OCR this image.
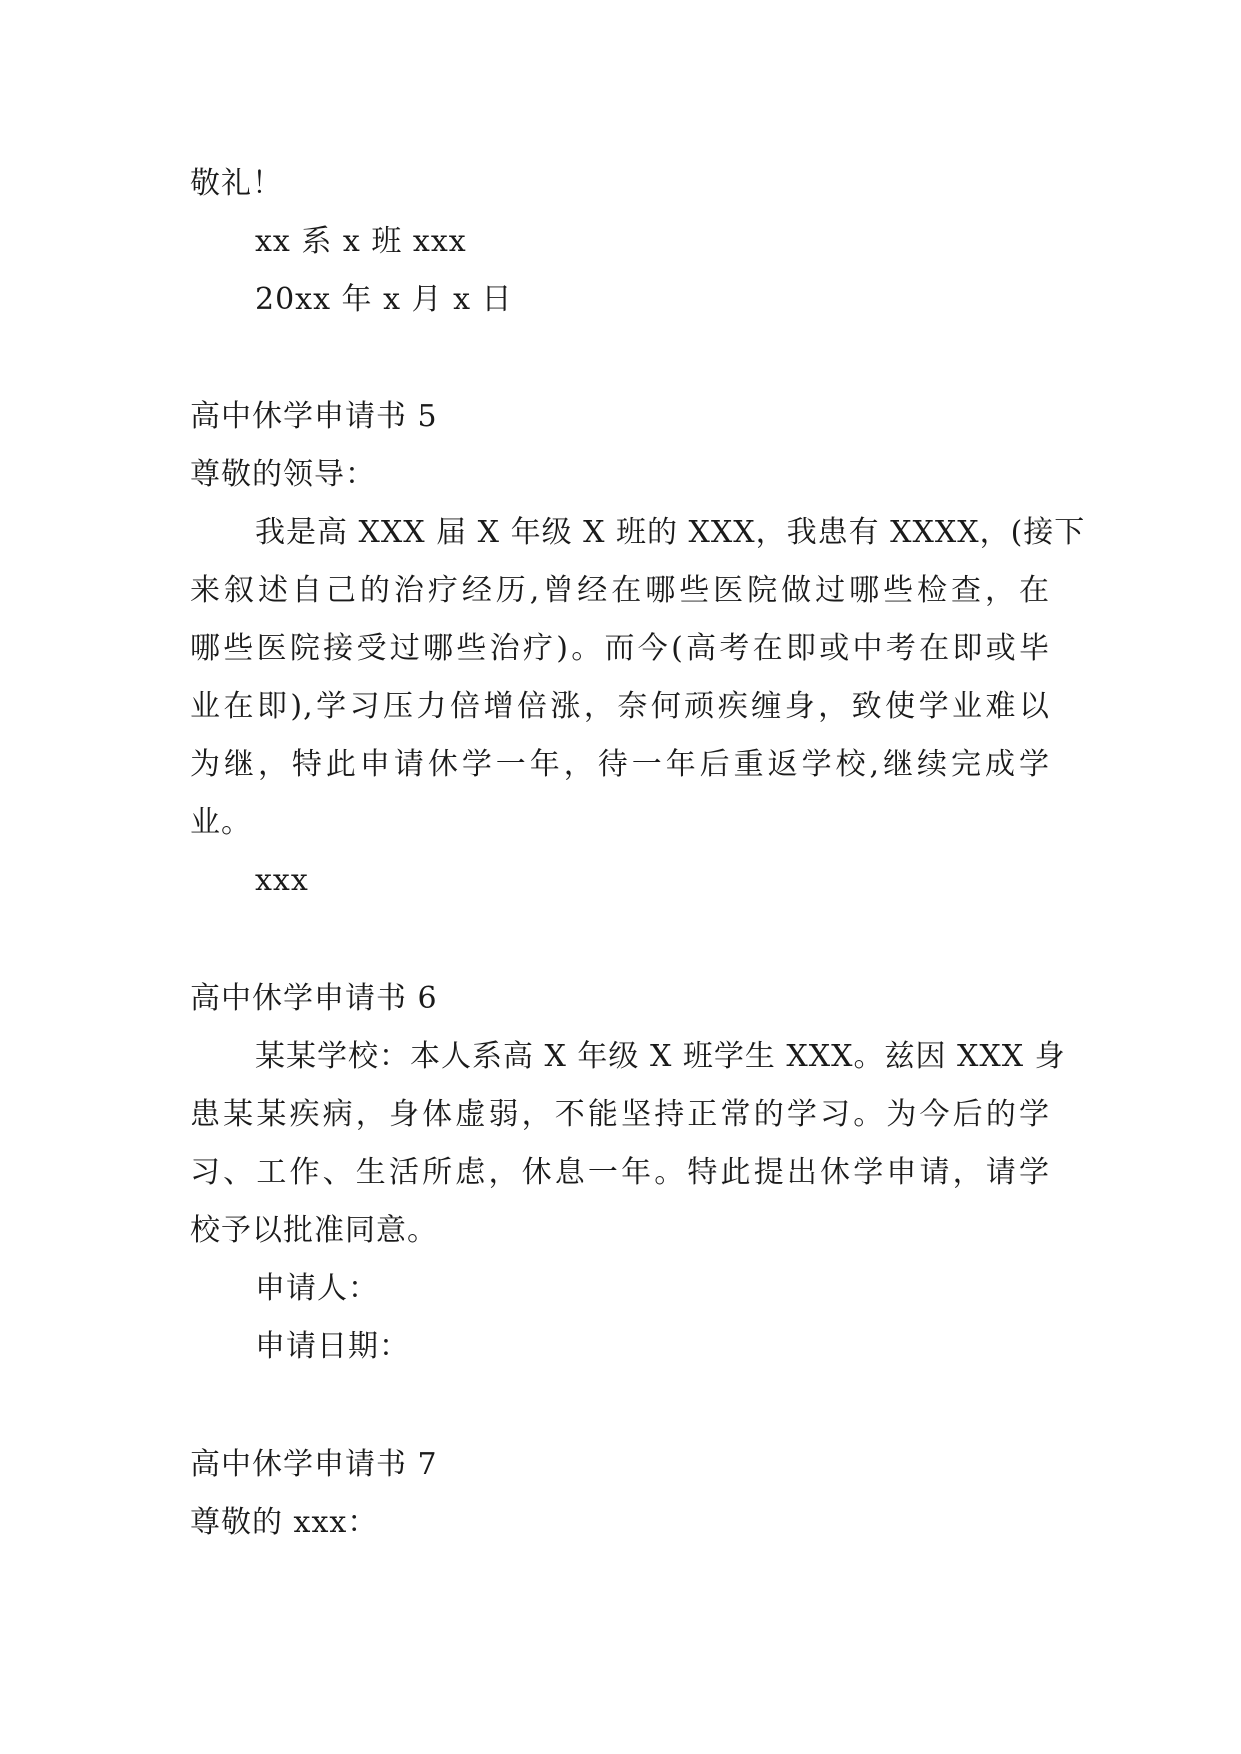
敬礼！
xx 系 x 班 xxx
20xx 年 x 月 x 日
高中休学申请书 5
尊敬的领导：
我是高 XXX 届 X 年级 X 班的 XXX，我患有 XXXX，(接下
来叙述自己的治疗经历,曾经在哪些医院做过哪些检查，在
哪些医院接受过哪些治疗)。而今(高考在即或中考在即或毕
业在即),学习压力倍增倍涨，奈何顽疾缠身，致使学业难以
为继，特此申请休学一年，待一年后重返学校,继续完成学
业。
xxx
高中休学申请书 6
某某学校：本人系高 X 年级 X 班学生 XXX。兹因 XXX 身
患某某疾病，身体虚弱，不能坚持正常的学习。为今后的学
习、工作、生活所虑，休息一年。特此提出休学申请，请学
校予以批准同意。
申请人：
申请日期：
高中休学申请书 7
尊敬的 xxx：
